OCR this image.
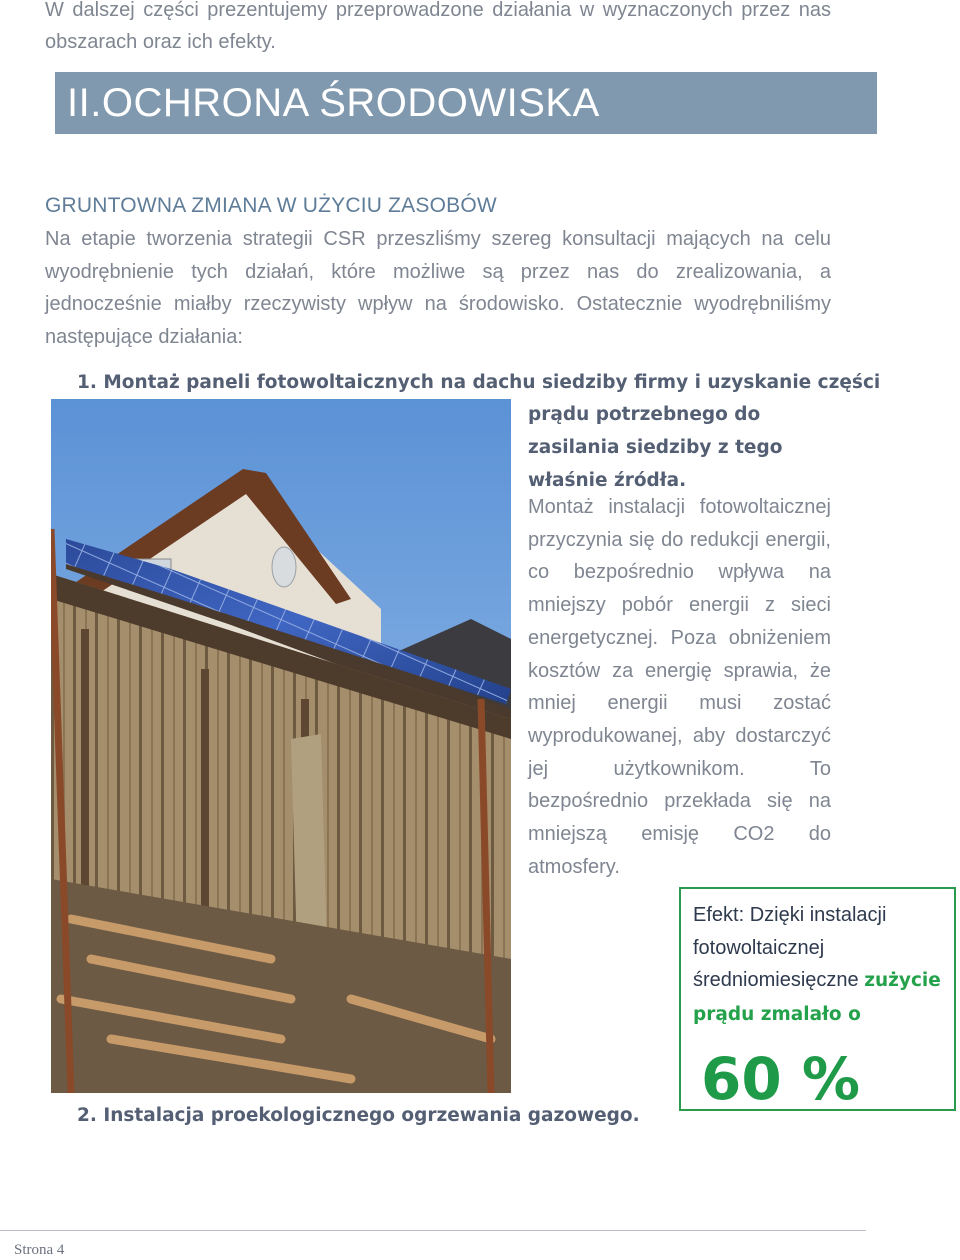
W dalszej części prezentujemy przeprowadzone działania w wyznaczonych przez nas obszarach oraz ich efekty.

II.OCHRONA ŚRODOWISKA
GRUNTOWNA ZMIANA W UŻYCIU ZASOBÓW

Na etapie tworzenia strategii CSR przeszliśmy szereg konsultacji mających na celu wyodrębnienie tych działań, które możliwe są przez nas do zrealizowania, a jednocześnie miałby rzeczywisty wpływ na środowisko. Ostatecznie wyodrębniliśmy następujące działania:

1. Montaż paneli fotowoltaicznych na dachu siedziby firmy i uzyskanie części

prądu potrzebnego do zasilania siedziby z tego właśnie źródła.

Montaż instalacji fotowoltaicznej przyczynia się do redukcji energii, co bezpośrednio wpływa na mniejszy pobór energii z sieci energetycznej. Poza obniżeniem kosztów za energię sprawia, że mniej energii musi zostać wyprodukowanej, aby dostarczyć jej użytkownikom. To bezpośrednio przekłada się na mniejszą emisję CO2 do atmosfery.

Efekt: Dzięki instalacji fotowoltaicznej średniomiesięczne zużycie prądu zmalało o

60 %

2. Instalacja proekologicznego ogrzewania gazowego.

Strona 4
